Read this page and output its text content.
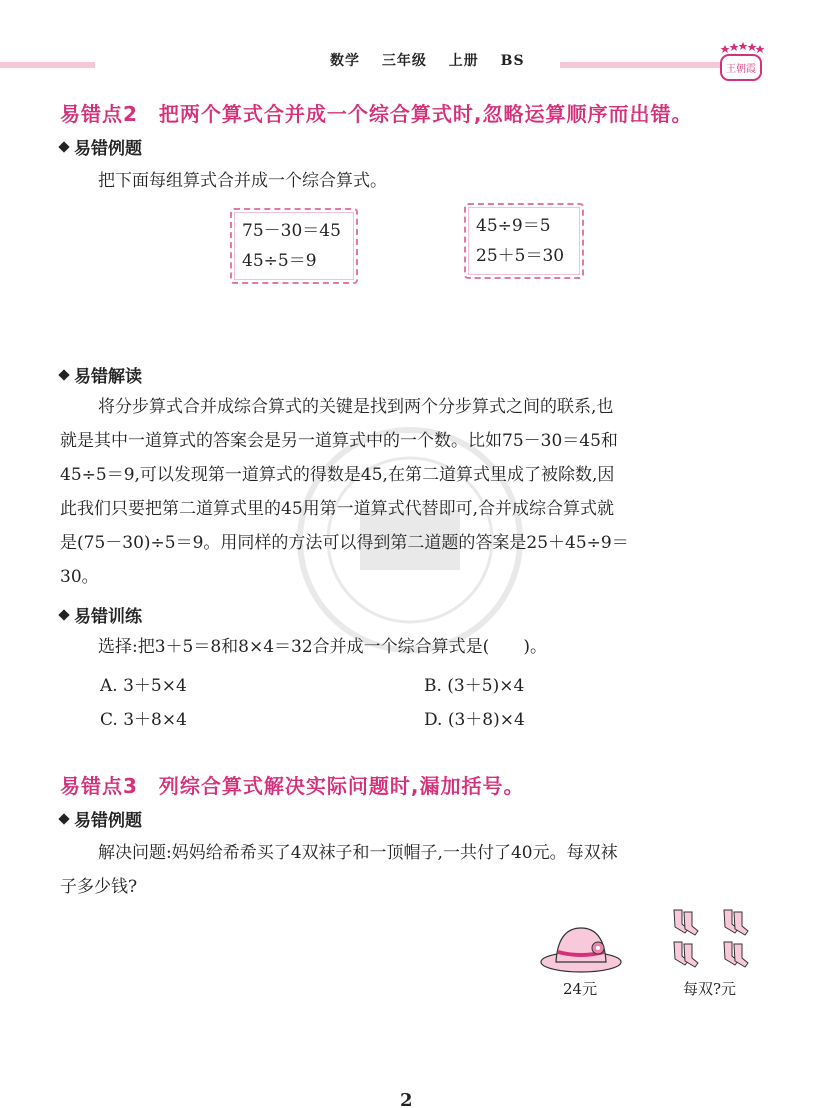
数学 三年级 上册 BS
王朝霞
易错点2　把两个算式合并成一个综合算式时,忽略运算顺序而出错。
易错例题
把下面每组算式合并成一个综合算式。
75－30＝45
45÷5＝9
45÷9＝5
25＋5＝30
易错解读
将分步算式合并成综合算式的关键是找到两个分步算式之间的联系,也
就是其中一道算式的答案会是另一道算式中的一个数。比如75－30＝45和
45÷5＝9,可以发现第一道算式的得数是45,在第二道算式里成了被除数,因
此我们只要把第二道算式里的45用第一道算式代替即可,合并成综合算式就
是(75－30)÷5＝9。用同样的方法可以得到第二道题的答案是25＋45÷9＝
30。
易错训练
选择:把3＋5＝8和8×4＝32合并成一个综合算式是(　　)。
A. 3＋5×4	B. (3＋5)×4
C. 3＋8×4	D. (3＋8)×4
易错点3　列综合算式解决实际问题时,漏加括号。
易错例题
解决问题:妈妈给希希买了4双袜子和一顶帽子,一共付了40元。每双袜
子多少钱?
24元	每双?元
2
